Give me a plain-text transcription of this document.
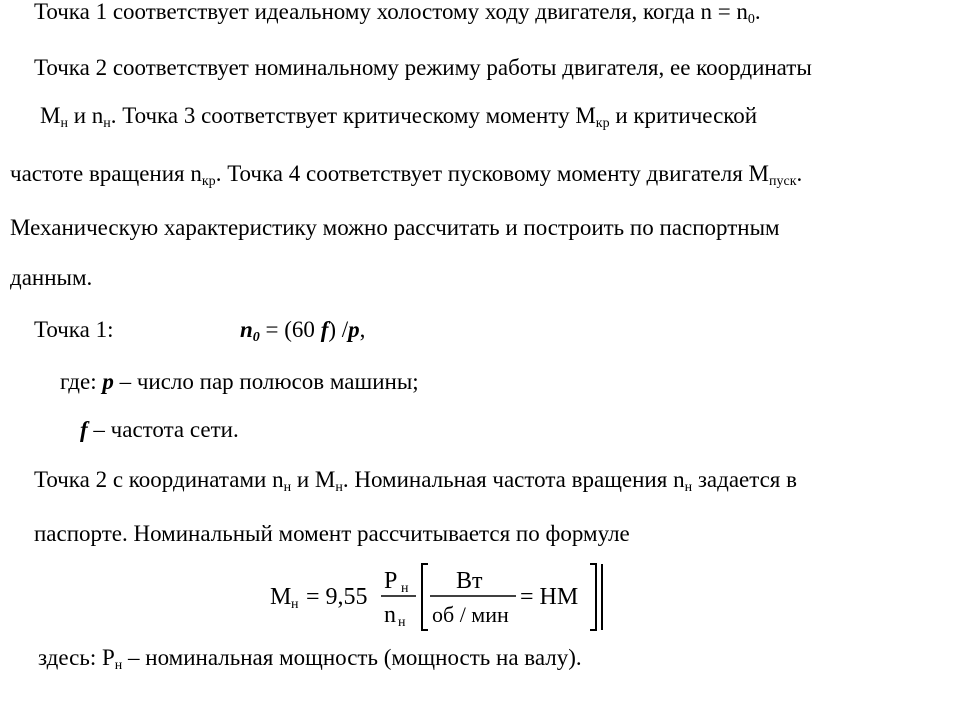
Точка 1 соответствует идеальному холостому ходу двигателя, когда $n = n_0$.
Точка 2 соответствует номинальному режиму работы двигателя, ее координаты
$М_н$ и $n_н$. Точка 3 соответствует критическому моменту $М_{кр}$ и критической
частоте вращения $n_{кр}$. Точка 4 соответствует пусковому моменту двигателя $М_{пуск}$.
Механическую характеристику можно рассчитать и построить по паспортным
данным.
Точка 1:	$n_0 = (60$ f) /p,
где: p – число пар полюсов машины;
f – частота сети.
Точка 2 с координатами $n_н$ и $М_н$. Номинальная частота вращения $n_н$ задается в
паспорте. Номинальный момент рассчитывается по формуле
М н = 9,55
Р н
n н
Вт
об / мин
= НМ
здесь: $Р_н$ – номинальная мощность (мощность на валу).
